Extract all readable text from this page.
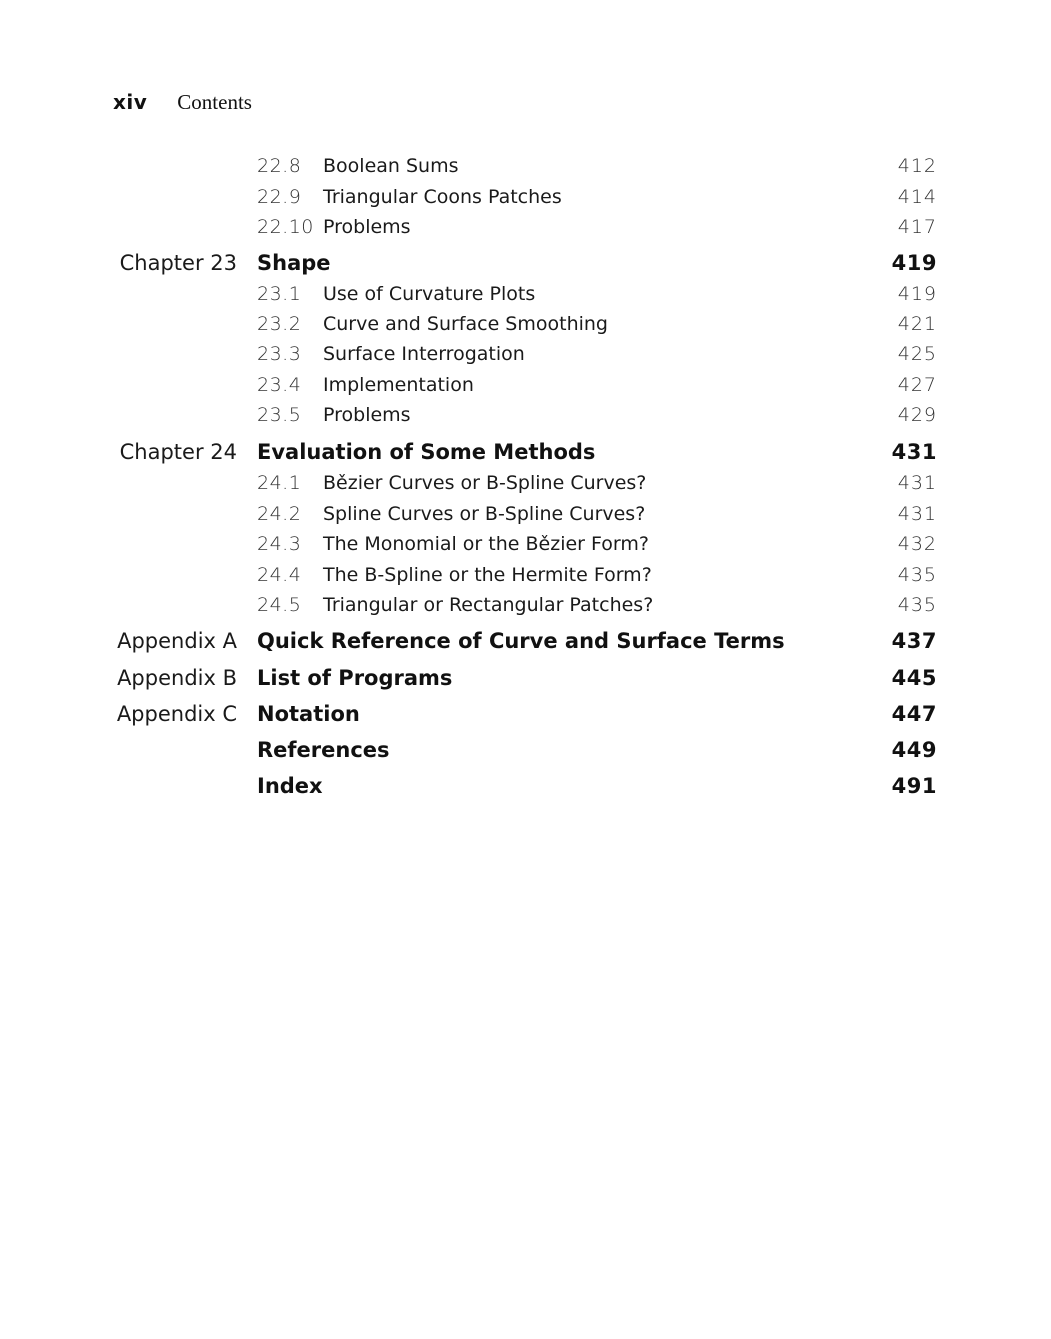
xiv Contents
22.8 Boolean Sums	412
22.9 Triangular Coons Patches	414
22.10 Problems	417
Chapter 23 Shape	419
23.1 Use of Curvature Plots	419
23.2 Curve and Surface Smoothing	421
23.3 Surface Interrogation	425
23.4 Implementation	427
23.5 Problems	429
Chapter 24 Evaluation of Some Methods	431
24.1 Bězier Curves or B-Spline Curves?	431
24.2 Spline Curves or B-Spline Curves?	431
24.3 The Monomial or the Bězier Form?	432
24.4 The B-Spline or the Hermite Form?	435
24.5 Triangular or Rectangular Patches?	435
Appendix A Quick Reference of Curve and Surface Terms	437
Appendix B List of Programs	445
Appendix C Notation	447
References	449
Index	491
